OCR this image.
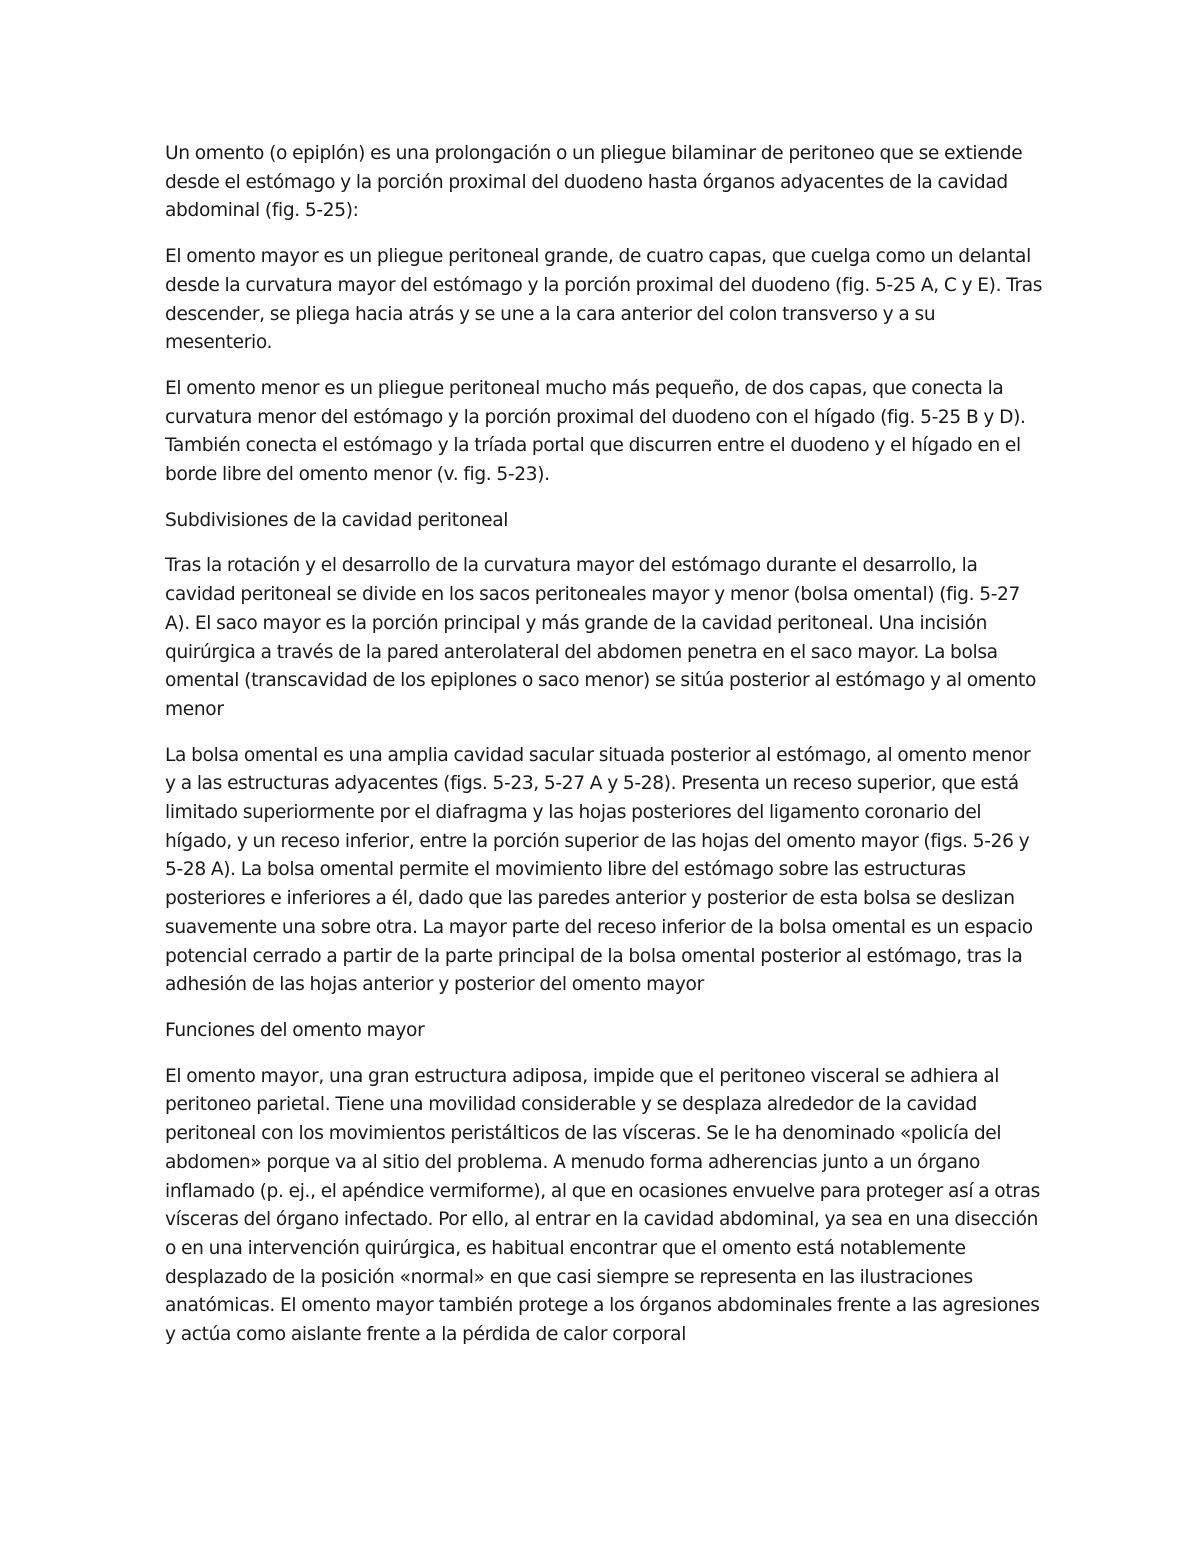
Un omento (o epiplón) es una prolongación o un pliegue bilaminar de peritoneo que se extiende desde el estómago y la porción proximal del duodeno hasta órganos adyacentes de la cavidad abdominal (fig. 5-25):

El omento mayor es un pliegue peritoneal grande, de cuatro capas, que cuelga como un delantal desde la curvatura mayor del estómago y la porción proximal del duodeno (fig. 5-25 A, C y E). Tras descender, se pliega hacia atrás y se une a la cara anterior del colon transverso y a su mesenterio.

El omento menor es un pliegue peritoneal mucho más pequeño, de dos capas, que conecta la curvatura menor del estómago y la porción proximal del duodeno con el hígado (fig. 5-25 B y D). También conecta el estómago y la tríada portal que discurren entre el duodeno y el hígado en el borde libre del omento menor (v. fig. 5-23).

Subdivisiones de la cavidad peritoneal

Tras la rotación y el desarrollo de la curvatura mayor del estómago durante el desarrollo, la cavidad peritoneal se divide en los sacos peritoneales mayor y menor (bolsa omental) (fig. 5-27 A). El saco mayor es la porción principal y más grande de la cavidad peritoneal. Una incisión quirúrgica a través de la pared anterolateral del abdomen penetra en el saco mayor. La bolsa omental (transcavidad de los epiplones o saco menor) se sitúa posterior al estómago y al omento menor

La bolsa omental es una amplia cavidad sacular situada posterior al estómago, al omento menor y a las estructuras adyacentes (figs. 5-23, 5-27 A y 5-28). Presenta un receso superior, que está limitado superiormente por el diafragma y las hojas posteriores del ligamento coronario del hígado, y un receso inferior, entre la porción superior de las hojas del omento mayor (figs. 5-26 y 5-28 A). La bolsa omental permite el movimiento libre del estómago sobre las estructuras posteriores e inferiores a él, dado que las paredes anterior y posterior de esta bolsa se deslizan suavemente una sobre otra. La mayor parte del receso inferior de la bolsa omental es un espacio potencial cerrado a partir de la parte principal de la bolsa omental posterior al estómago, tras la adhesión de las hojas anterior y posterior del omento mayor

Funciones del omento mayor

El omento mayor, una gran estructura adiposa, impide que el peritoneo visceral se adhiera al peritoneo parietal. Tiene una movilidad considerable y se desplaza alrededor de la cavidad peritoneal con los movimientos peristálticos de las vísceras. Se le ha denominado «policía del abdomen» porque va al sitio del problema. A menudo forma adherencias junto a un órgano inflamado (p. ej., el apéndice vermiforme), al que en ocasiones envuelve para proteger así a otras vísceras del órgano infectado. Por ello, al entrar en la cavidad abdominal, ya sea en una disección o en una intervención quirúrgica, es habitual encontrar que el omento está notablemente desplazado de la posición «normal» en que casi siempre se representa en las ilustraciones anatómicas. El omento mayor también protege a los órganos abdominales frente a las agresiones y actúa como aislante frente a la pérdida de calor corporal
